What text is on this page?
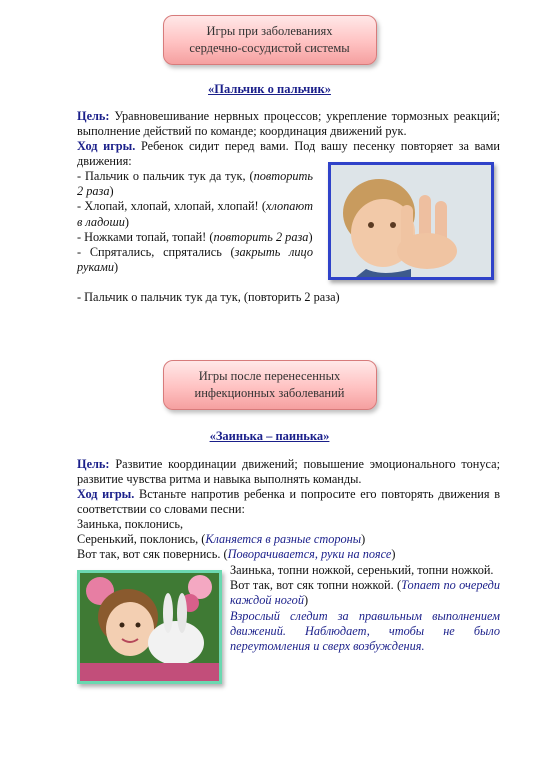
Игры при заболеваниях
сердечно-сосудистой системы
«Пальчик о пальчик»
Цель: Уравновешивание нервных процессов; укрепление тормозных реакций; выполнение действий по команде; координация движений рук.
Ход игры. Ребенок сидит перед вами. Под вашу песенку повторяет за вами движения:
- Пальчик о пальчик тук да тук, (повторить 2 раза)
- Хлопай, хлопай, хлопай, хлопай! (хлопают в ладоши)
- Ножками топай, топай! (повторить 2 раза)
- Спрятались, спрятались (закрыть лицо руками)
- Пальчик о пальчик тук да тук, (повторить 2 раза)
Игры после перенесенных
инфекционных заболеваний
«Заинька – паинька»
Цель: Развитие координации движений; повышение эмоционального тонуса; развитие чувства ритма и навыка выполнять команды.
Ход игры. Встаньте напротив ребенка и попросите его повторять движения в соответствии со словами песни:
Заинька, поклонись,
Серенький, поклонись, (Кланяется в разные стороны)
Вот так, вот сяк повернись. (Поворачивается, руки на поясе)
Заинька, топни ножкой, серенький, топни ножкой.
Вот так, вот сяк топни ножкой. (Топает по очереди каждой ногой)
Взрослый следит за правильным выполнением движений. Наблюдает, чтобы не было переутомления и сверх возбуждения.
